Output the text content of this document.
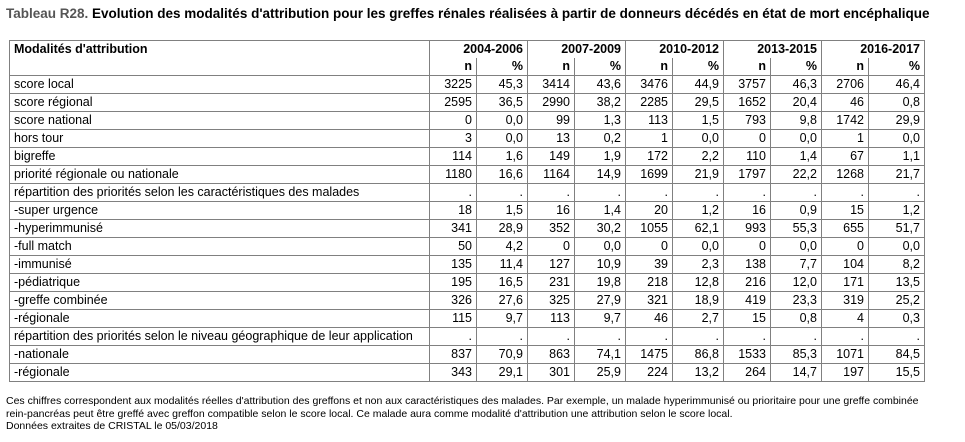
Tableau R28. Evolution des modalités d'attribution pour les greffes rénales réalisées à partir de donneurs décédés en état de mort encéphalique
Modalités d'attribution	2004-2006		2007-2009		2010-2012		2013-2015		2016-2017	
	n	%	n	%	n	%	n	%	n	%
score local	3225	45,3	3414	43,6	3476	44,9	3757	46,3	2706	46,4
score régional	2595	36,5	2990	38,2	2285	29,5	1652	20,4	46	0,8
score national	0	0,0	99	1,3	113	1,5	793	9,8	1742	29,9
hors tour	3	0,0	13	0,2	1	0,0	0	0,0	1	0,0
bigreffe	114	1,6	149	1,9	172	2,2	110	1,4	67	1,1
priorité régionale ou nationale	1180	16,6	1164	14,9	1699	21,9	1797	22,2	1268	21,7
répartition des priorités selon les caractéristiques des malades	.	.	.	.	.	.	.	.	.	.
-super urgence	18	1,5	16	1,4	20	1,2	16	0,9	15	1,2
-hyperimmunisé	341	28,9	352	30,2	1055	62,1	993	55,3	655	51,7
-full match	50	4,2	0	0,0	0	0,0	0	0,0	0	0,0
-immunisé	135	11,4	127	10,9	39	2,3	138	7,7	104	8,2
-pédiatrique	195	16,5	231	19,8	218	12,8	216	12,0	171	13,5
-greffe combinée	326	27,6	325	27,9	321	18,9	419	23,3	319	25,2
-régionale	115	9,7	113	9,7	46	2,7	15	0,8	4	0,3
répartition des priorités selon le niveau géographique de leur application	.	.	.	.	.	.	.	.	.	.
-nationale	837	70,9	863	74,1	1475	86,8	1533	85,3	1071	84,5
-régionale	343	29,1	301	25,9	224	13,2	264	14,7	197	15,5
Ces chiffres correspondent aux modalités réelles d'attribution des greffons et non aux caractéristiques des malades. Par exemple, un malade hyperimmunisé ou prioritaire pour une greffe combinée
rein-pancréas peut être greffé avec greffon compatible selon le score local. Ce malade aura comme modalité d'attribution une attribution selon le score local.
Données extraites de CRISTAL le 05/03/2018
